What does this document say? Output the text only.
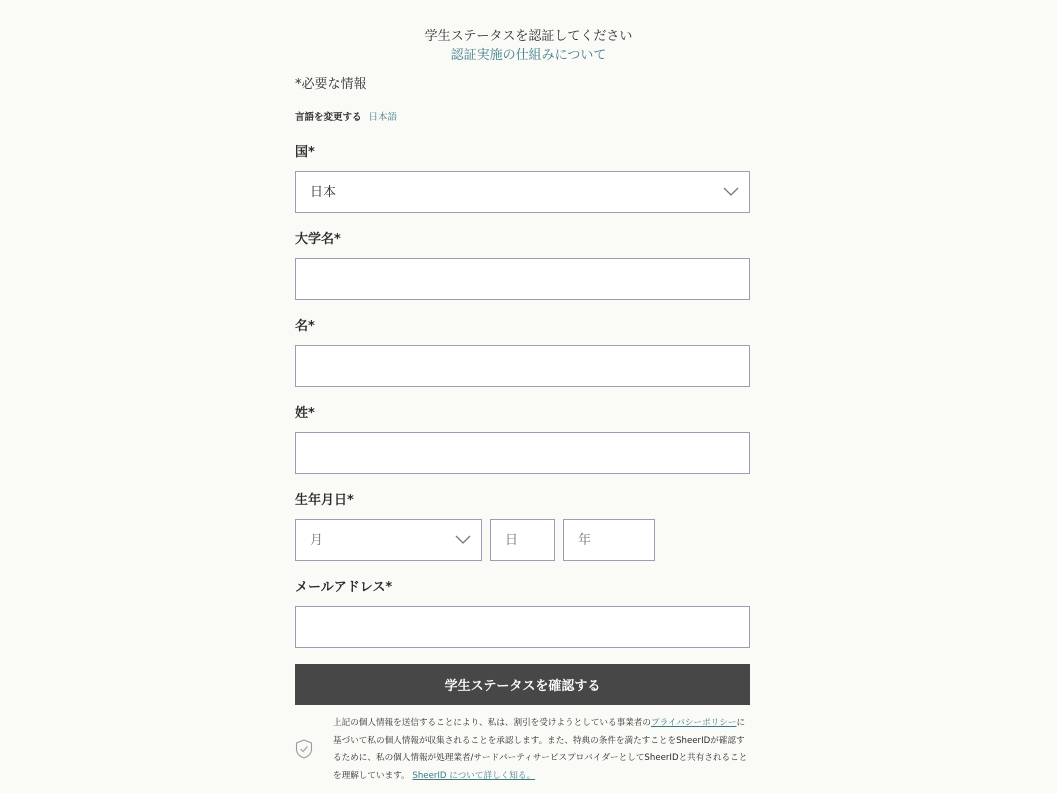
学生ステータスを認証してください
認証実施の仕組みについて
*必要な情報
言語を変更する 日本語
国*
日本
大学名*
名*
姓*
生年月日*
月	日	年
メールアドレス*
学生ステータスを確認する
上記の個人情報を送信することにより、私は、割引を受けようとしている事業者のプライバシーポリシーに基づいて私の個人情報が収集されることを承認します。また、特典の条件を満たすことをSheerIDが確認するために、私の個人情報が処理業者/サードパーティサービスプロバイダーとしてSheerIDと共有されることを理解しています。 SheerID について詳しく知る。
